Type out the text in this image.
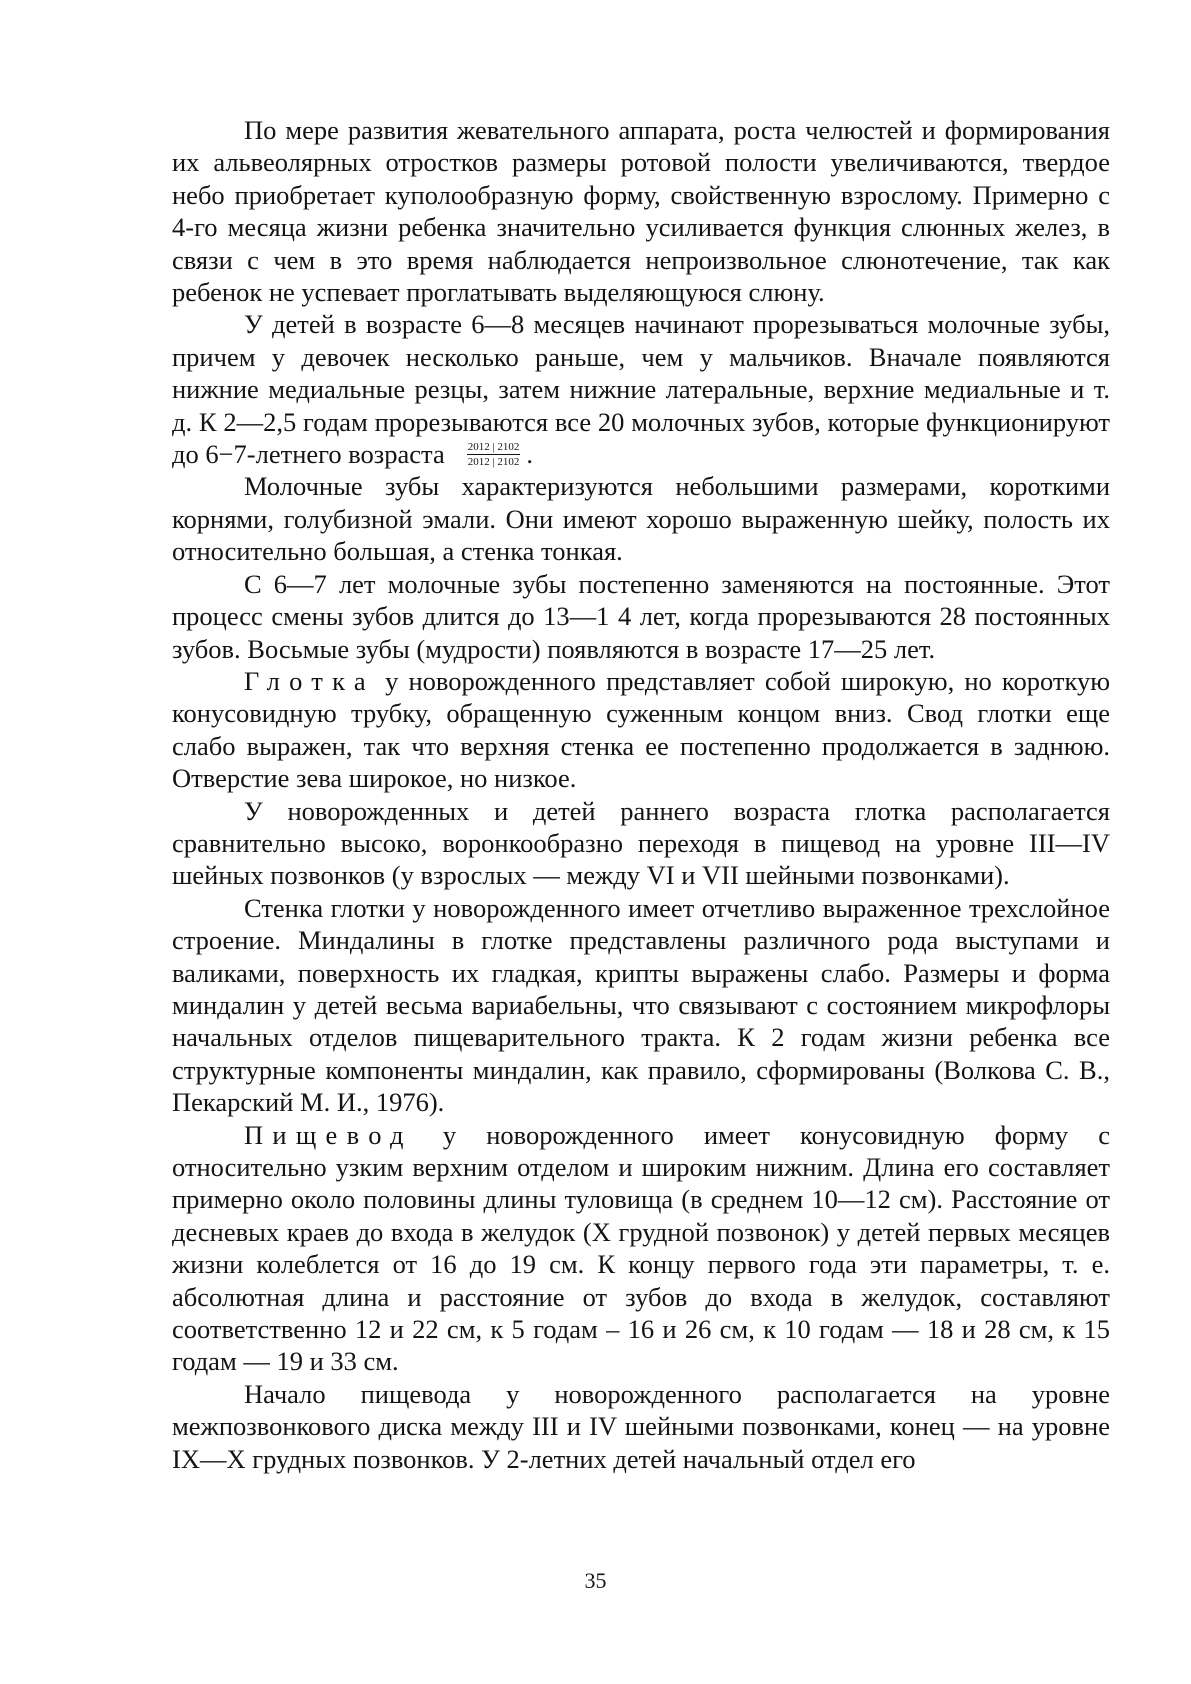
По мере развития жевательного аппарата, роста челюстей и формирования их альвеолярных отростков размеры ротовой полости увеличиваются, твердое небо приобретает куполообразную форму, свойственную взрослому. Примерно с 4-го месяца жизни ребенка значительно усиливается функция слюнных желез, в связи с чем в это время наблюдается непроизвольное слюнотечение, так как ребенок не успевает проглатывать выделяющуюся слюну.

У детей в возрасте 6—8 месяцев начинают прорезываться молочные зубы, причем у девочек несколько раньше, чем у мальчиков. Вначале появляются нижние медиальные резцы, затем нижние латеральные, верхние медиальные и т. д. К 2—2,5 годам прорезываются все 20 молочных зубов, которые функционируют до 6−7-летнего возраста $\frac{2012 | 2102}{2012 | 2102}$ .

Молочные зубы характеризуются небольшими размерами, короткими корнями, голубизной эмали. Они имеют хорошо выраженную шейку, полость их относительно большая, а стенка тонкая.

С 6—7 лет молочные зубы постепенно заменяются на постоянные. Этот процесс смены зубов длится до 13—1 4 лет, когда прорезываются 28 постоянных зубов. Восьмые зубы (мудрости) появляются в возрасте 17—25 лет.

Глотка у новорожденного представляет собой широкую, но короткую конусовидную трубку, обращенную суженным концом вниз. Свод глотки еще слабо выражен, так что верхняя стенка ее постепенно продолжается в заднюю. Отверстие зева широкое, но низкое.

У новорожденных и детей раннего возраста глотка располагается сравнительно высоко, воронкообразно переходя в пищевод на уровне III—IV шейных позвонков (у взрослых — между VI и VII шейными позвонками).

Стенка глотки у новорожденного имеет отчетливо выраженное трехслойное строение. Миндалины в глотке представлены различного рода выступами и валиками, поверхность их гладкая, крипты выражены слабо. Размеры и форма миндалин у детей весьма вариабельны, что связывают с состоянием микрофлоры начальных отделов пищеварительного тракта. К 2 годам жизни ребенка все структурные компоненты миндалин, как правило, сформированы (Волкова С. В., Пекарский М. И., 1976).

Пищевод у новорожденного имеет конусовидную форму с относительно узким верхним отделом и широким нижним. Длина его составляет примерно около половины длины туловища (в среднем 10—12 см). Расстояние от десневых краев до входа в желудок (X грудной позвонок) у детей первых месяцев жизни колеблется от 16 до 19 см. К концу первого года эти параметры, т. е. абсолютная длина и расстояние от зубов до входа в желудок, составляют соответственно 12 и 22 см, к 5 годам – 16 и 26 см, к 10 годам — 18 и 28 см, к 15 годам — 19 и 33 см.

Начало пищевода у новорожденного располагается на уровне межпозвонкового диска между III и IV шейными позвонками, конец — на уровне IX—X грудных позвонков. У 2-летних детей начальный отдел его

35
